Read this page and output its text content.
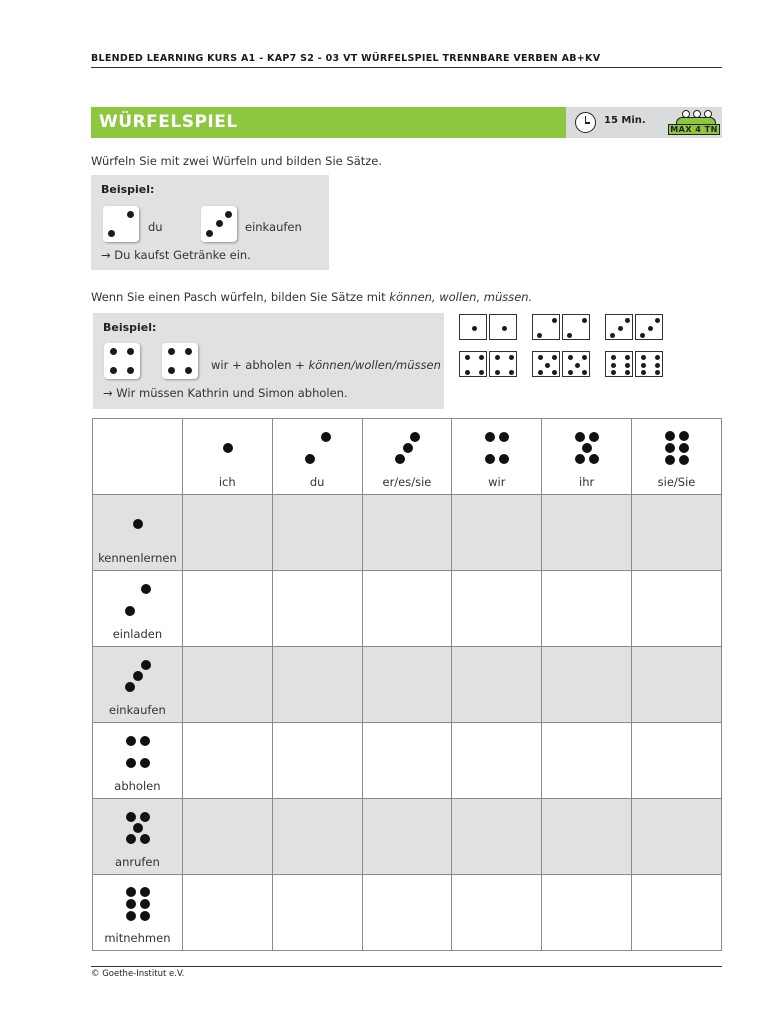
BLENDED LEARNING KURS A1 - KAP7 S2 - 03 VT WÜRFELSPIEL TRENNBARE VERBEN AB+KV
WÜRFELSPIEL	15 Min.
MAX 4 TN
Würfeln Sie mit zwei Würfeln und bilden Sie Sätze.
Beispiel:
du	einkaufen
→ Du kaufst Getränke ein.
Wenn Sie einen Pasch würfeln, bilden Sie Sätze mit können, wollen, müssen.
Beispiel:
wir + abholen + können/wollen/müssen
→ Wir müssen Kathrin und Simon abholen.

	ich	du	er/es/sie	wir	ihr	sie/Sie

kennenlernen						

einladen						

einkaufen						

abholen						

anrufen						

mitnehmen						

© Goethe-Institut e.V.
